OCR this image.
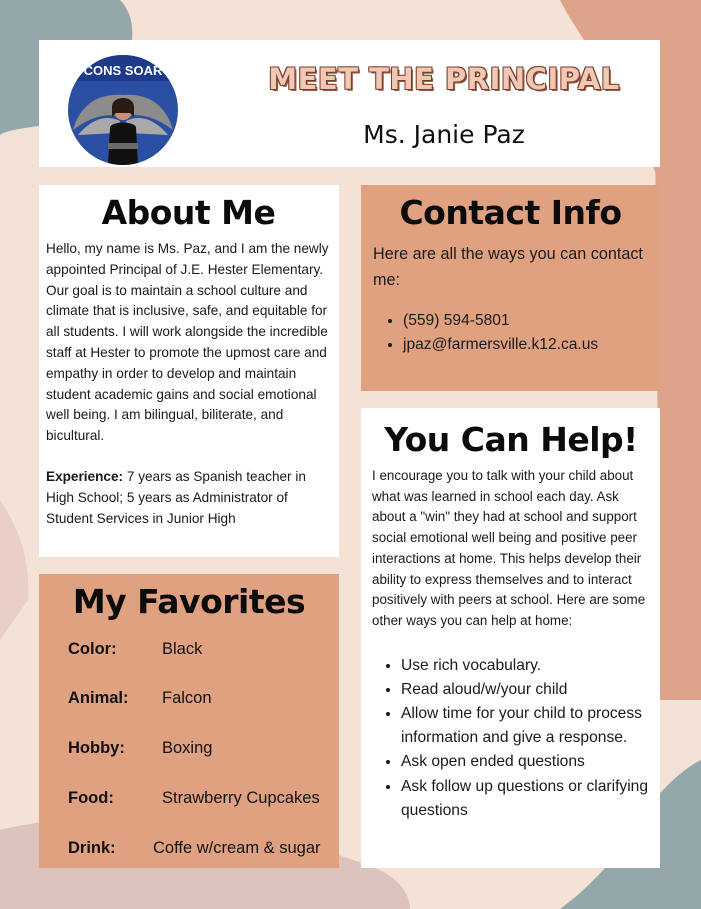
CONS SOAR	MEET THE PRINCIPAL
Ms. Janie Paz
About Me

Hello, my name is Ms. Paz, and I am the newly appointed Principal of J.E. Hester Elementary. Our goal is to maintain a school culture and climate that is inclusive, safe, and equitable for all students. I will work alongside the incredible staff at Hester to promote the upmost care and empathy in order to develop and maintain student academic gains and social emotional well being. I am bilingual, biliterate, and bicultural.

Experience: 7 years as Spanish teacher in High School; 5 years as Administrator of Student Services in Junior High

Contact Info

Here are all the ways you can contact me:

• (559) 594-5801
• jpaz@farmersville.k12.ca.us
You Can Help!

I encourage you to talk with your child about what was learned in school each day. Ask about a "win" they had at school and support social emotional well being and positive peer interactions at home. This helps develop their ability to express themselves and to interact positively with peers at school. Here are some other ways you can help at home:

• Use rich vocabulary.
• Read aloud/w/your child
• Allow time for your child to process information and give a response.
• Ask open ended questions
• Ask follow up questions or clarifying questions
My Favorites
Color:	Black
Animal: Falcon
Hobby: Boxing
Food:	Strawberry Cupcakes
Drink: Coffe w/cream & sugar
